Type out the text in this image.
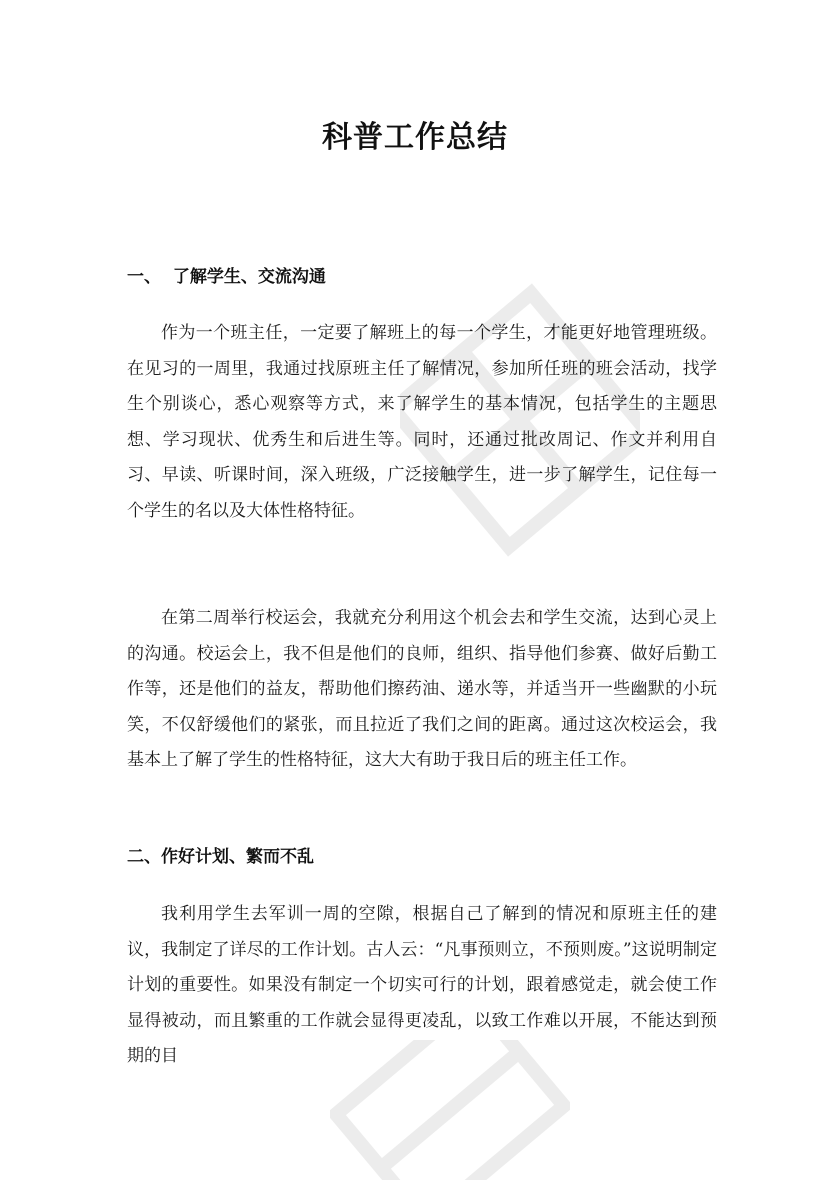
科普工作总结
一、  了解学生、交流沟通

作为一个班主任，一定要了解班上的每一个学生，才能更好地管理班级。在见习的一周里，我通过找原班主任了解情况，参加所任班的班会活动，找学生个别谈心，悉心观察等方式，来了解学生的基本情况，包括学生的主题思想、学习现状、优秀生和后进生等。同时，还通过批改周记、作文并利用自习、早读、听课时间，深入班级，广泛接触学生，进一步了解学生，记住每一个学生的名以及大体性格特征。

在第二周举行校运会，我就充分利用这个机会去和学生交流，达到心灵上的沟通。校运会上，我不但是他们的良师，组织、指导他们参赛、做好后勤工作等，还是他们的益友，帮助他们擦药油、递水等，并适当开一些幽默的小玩笑，不仅舒缓他们的紧张，而且拉近了我们之间的距离。通过这次校运会，我基本上了解了学生的性格特征，这大大有助于我日后的班主任工作。

二、作好计划、繁而不乱

我利用学生去军训一周的空隙，根据自己了解到的情况和原班主任的建议，我制定了详尽的工作计划。古人云：“凡事预则立，不预则废。”这说明制定计划的重要性。如果没有制定一个切实可行的计划，跟着感觉走，就会使工作显得被动，而且繁重的工作就会显得更凌乱，以致工作难以开展，不能达到预期的目
